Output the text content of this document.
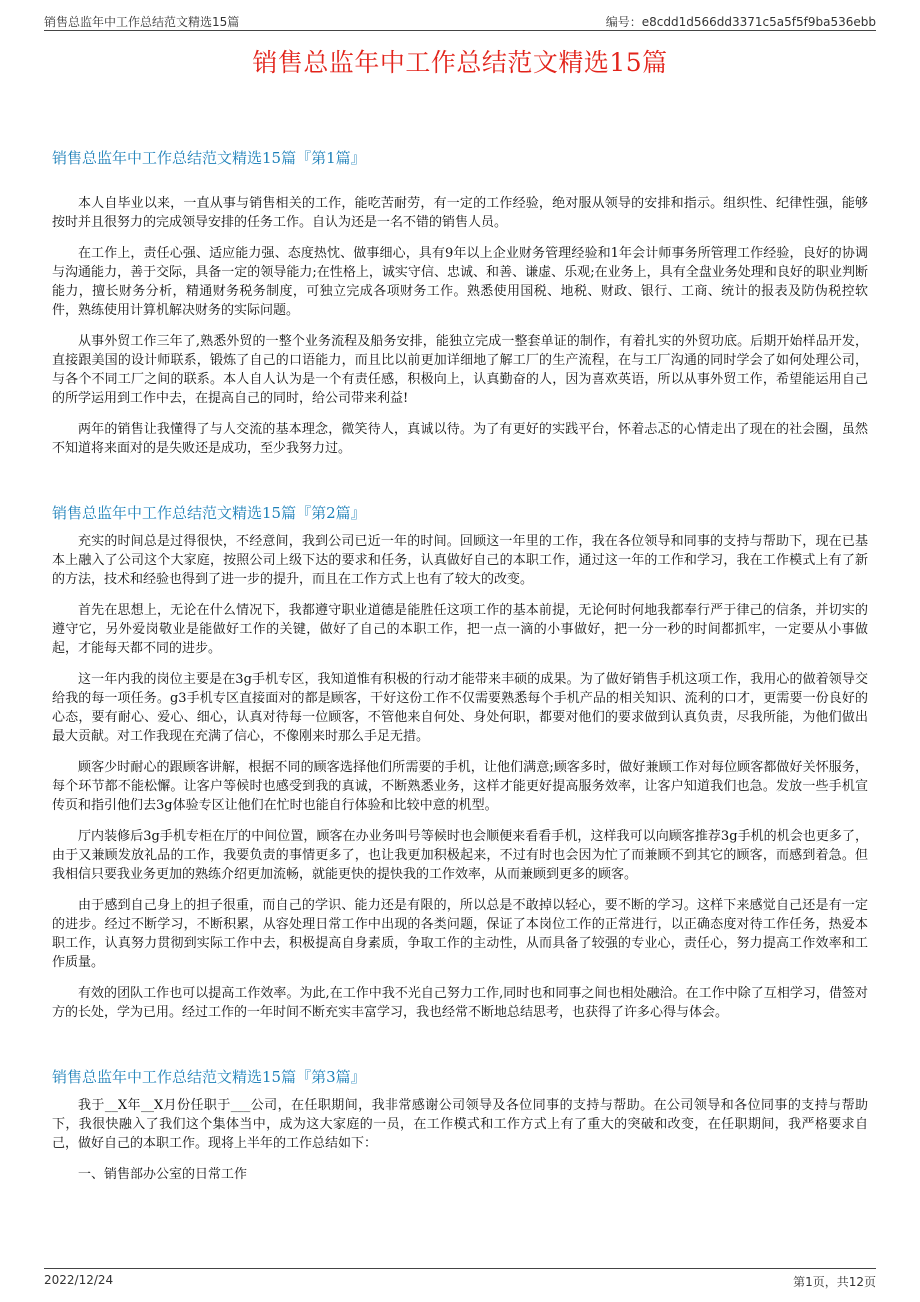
销售总监年中工作总结范文精选15篇	编号：e8cdd1d566dd3371c5a5f5f9ba536ebb
销售总监年中工作总结范文精选15篇
销售总监年中工作总结范文精选15篇『第1篇』

本人自毕业以来，一直从事与销售相关的工作，能吃苦耐劳，有一定的工作经验，绝对服从领导的安排和指示。组织性、纪律性强，能够按时并且很努力的完成领导安排的任务工作。自认为还是一名不错的销售人员。

在工作上，责任心强、适应能力强、态度热忱、做事细心，具有9年以上企业财务管理经验和1年会计师事务所管理工作经验，良好的协调与沟通能力，善于交际，具备一定的领导能力;在性格上，诚实守信、忠诚、和善、谦虚、乐观;在业务上，具有全盘业务处理和良好的职业判断能力，擅长财务分析，精通财务税务制度，可独立完成各项财务工作。熟悉使用国税、地税、财政、银行、工商、统计的报表及防伪税控软件，熟练使用计算机解决财务的实际问题。

从事外贸工作三年了,熟悉外贸的一整个业务流程及船务安排，能独立完成一整套单证的制作，有着扎实的外贸功底。后期开始样品开发，直接跟美国的设计师联系，锻炼了自己的口语能力，而且比以前更加详细地了解工厂的生产流程，在与工厂沟通的同时学会了如何处理公司，与各个不同工厂之间的联系。本人自人认为是一个有责任感，积极向上，认真勤奋的人，因为喜欢英语，所以从事外贸工作，希望能运用自己的所学运用到工作中去，在提高自己的同时，给公司带来利益!

两年的销售让我懂得了与人交流的基本理念，微笑待人，真诚以待。为了有更好的实践平台，怀着忐忑的心情走出了现在的社会圈，虽然不知道将来面对的是失败还是成功，至少我努力过。

销售总监年中工作总结范文精选15篇『第2篇』

充实的时间总是过得很快，不经意间，我到公司已近一年的时间。回顾这一年里的工作，我在各位领导和同事的支持与帮助下，现在已基本上融入了公司这个大家庭，按照公司上级下达的要求和任务，认真做好自己的本职工作，通过这一年的工作和学习，我在工作模式上有了新的方法，技术和经验也得到了进一步的提升，而且在工作方式上也有了较大的改变。

首先在思想上，无论在什么情况下，我都遵守职业道德是能胜任这项工作的基本前提，无论何时何地我都奉行严于律己的信条，并切实的遵守它，另外爱岗敬业是能做好工作的关键，做好了自己的本职工作，把一点一滴的小事做好，把一分一秒的时间都抓牢，一定要从小事做起，才能每天都不同的进步。

这一年内我的岗位主要是在3g手机专区，我知道惟有积极的行动才能带来丰硕的成果。为了做好销售手机这项工作，我用心的做着领导交给我的每一项任务。g3手机专区直接面对的都是顾客，干好这份工作不仅需要熟悉每个手机产品的相关知识、流利的口才，更需要一份良好的心态，要有耐心、爱心、细心，认真对待每一位顾客，不管他来自何处、身处何职，都要对他们的要求做到认真负责，尽我所能，为他们做出最大贡献。对工作我现在充满了信心，不像刚来时那么手足无措。

顾客少时耐心的跟顾客讲解，根据不同的顾客选择他们所需要的手机，让他们满意;顾客多时，做好兼顾工作对每位顾客都做好关怀服务，每个环节都不能松懈。让客户等候时也感受到我的真诚，不断熟悉业务，这样才能更好提高服务效率，让客户知道我们也急。发放一些手机宣传页和指引他们去3g体验专区让他们在忙时也能自行体验和比较中意的机型。

厅内装修后3g手机专柜在厅的中间位置，顾客在办业务叫号等候时也会顺便来看看手机，这样我可以向顾客推荐3g手机的机会也更多了，由于又兼顾发放礼品的工作，我要负责的事情更多了，也让我更加积极起来，不过有时也会因为忙了而兼顾不到其它的顾客，而感到着急。但我相信只要我业务更加的熟练介绍更加流畅，就能更快的提快我的工作效率，从而兼顾到更多的顾客。

由于感到自己身上的担子很重，而自己的学识、能力还是有限的，所以总是不敢掉以轻心，要不断的学习。这样下来感觉自己还是有一定的进步。经过不断学习，不断积累，从容处理日常工作中出现的各类问题，保证了本岗位工作的正常进行，以正确态度对待工作任务，热爱本职工作，认真努力贯彻到实际工作中去，积极提高自身素质，争取工作的主动性，从而具备了较强的专业心，责任心，努力提高工作效率和工作质量。

有效的团队工作也可以提高工作效率。为此,在工作中我不光自己努力工作,同时也和同事之间也相处融洽。在工作中除了互相学习，借签对方的长处，学为已用。经过工作的一年时间不断充实丰富学习，我也经常不断地总结思考，也获得了许多心得与体会。

销售总监年中工作总结范文精选15篇『第3篇』

我于__X年__X月份任职于___公司，在任职期间，我非常感谢公司领导及各位同事的支持与帮助。在公司领导和各位同事的支持与帮助下，我很快融入了我们这个集体当中，成为这大家庭的一员，在工作模式和工作方式上有了重大的突破和改变，在任职期间，我严格要求自己，做好自己的本职工作。现将上半年的工作总结如下：

一、销售部办公室的日常工作

2022/12/24	第1页，共12页
